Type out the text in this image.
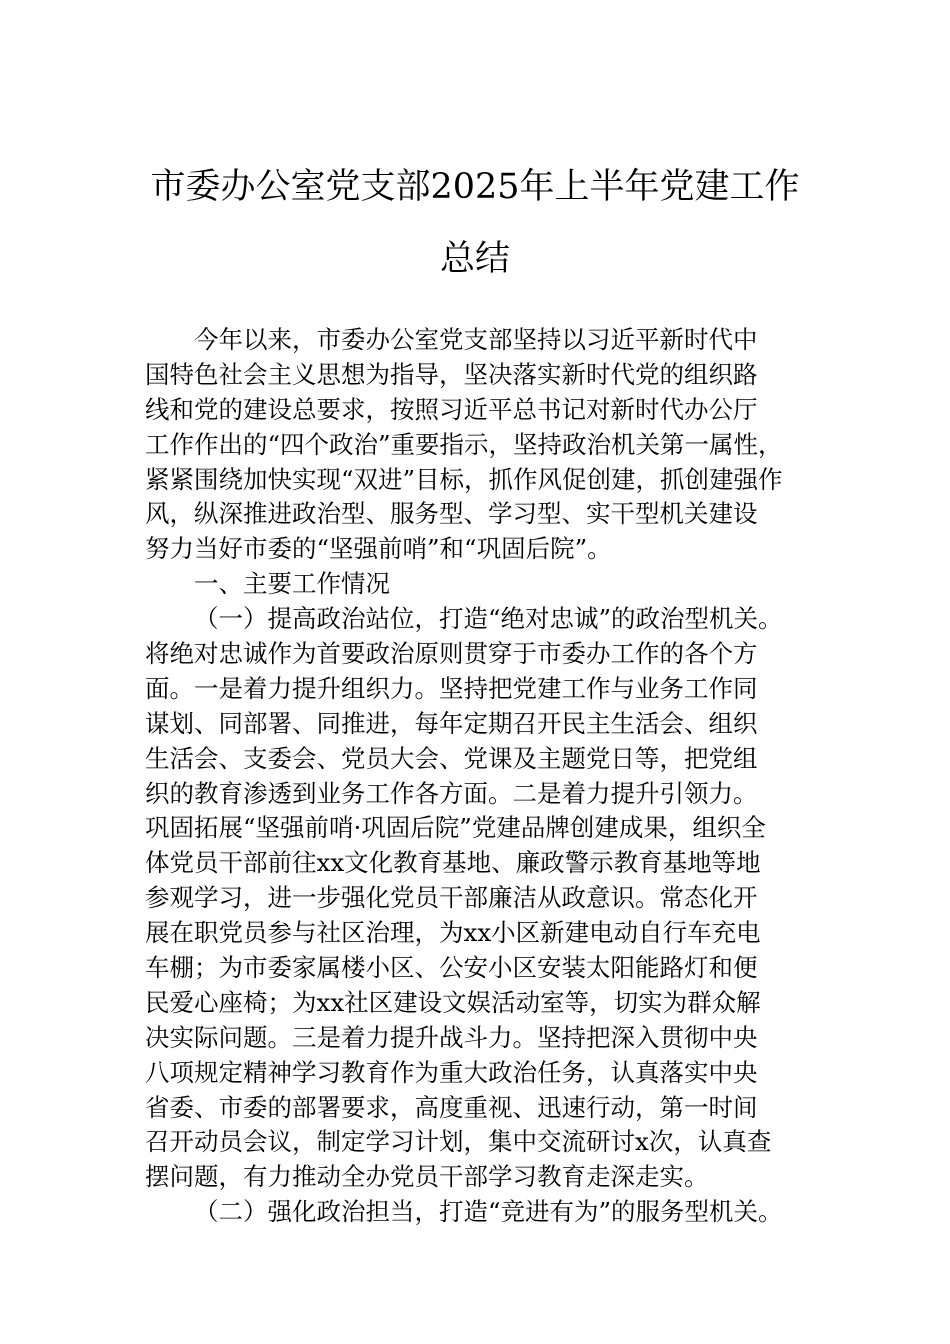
市委办公室党支部2025年上半年党建工作
总结
今年以来，市委办公室党支部坚持以习近平新时代中
国特色社会主义思想为指导，坚决落实新时代党的组织路
线和党的建设总要求，按照习近平总书记对新时代办公厅
工作作出的“四个政治”重要指示，坚持政治机关第一属性，
紧紧围绕加快实现“双进”目标，抓作风促创建，抓创建强作
风，纵深推进政治型、服务型、学习型、实干型机关建设
努力当好市委的“坚强前哨”和“巩固后院”。
一、主要工作情况
（一）提高政治站位，打造“绝对忠诚”的政治型机关。
将绝对忠诚作为首要政治原则贯穿于市委办工作的各个方
面。一是着力提升组织力。坚持把党建工作与业务工作同
谋划、同部署、同推进，每年定期召开民主生活会、组织
生活会、支委会、党员大会、党课及主题党日等，把党组
织的教育渗透到业务工作各方面。二是着力提升引领力。
巩固拓展“坚强前哨·巩固后院”党建品牌创建成果，组织全
体党员干部前往xx文化教育基地、廉政警示教育基地等地
参观学习，进一步强化党员干部廉洁从政意识。常态化开
展在职党员参与社区治理，为xx小区新建电动自行车充电
车棚；为市委家属楼小区、公安小区安装太阳能路灯和便
民爱心座椅；为xx社区建设文娱活动室等，切实为群众解
决实际问题。三是着力提升战斗力。坚持把深入贯彻中央
八项规定精神学习教育作为重大政治任务，认真落实中央
省委、市委的部署要求，高度重视、迅速行动，第一时间
召开动员会议，制定学习计划，集中交流研讨x次，认真查
摆问题，有力推动全办党员干部学习教育走深走实。
（二）强化政治担当，打造“竞进有为”的服务型机关。
